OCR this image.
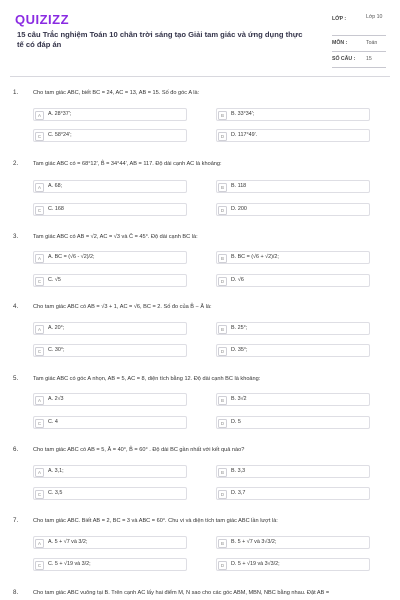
QUIZIZZ
15 câu Trắc nghiệm Toán 10 chân trời sáng tạo Giải tam giác và ứng dụng thực tế có đáp án
LỚP :	Lớp 10
MÔN :	Toán
SỐ CÂU : 15
1.	Cho tam giác ABC, biết BC = 24, AC = 13, AB = 15. Số đo góc A là:
A	A. 28°37';	B	B. 33°34';
C	C. 58°24';	D	D. 117°49'.
2.	Tam giác ABC có = 68°12', B̂ = 34°44', AB = 117. Độ dài cạnh AC là khoảng:
A	A. 68;	B	B. 118
C	C. 168	D	D. 200
3.	Tam giác ABC có AB = √2, AC = √3 và Ĉ = 45°. Độ dài cạnh BC là:
A	A. BC = (√6 - √2)/2;	B	B. BC = (√6 + √2)/2;
C	C. √5	D	D. √6
4.	Cho tam giác ABC có AB = √3 + 1, AC = √6, BC = 2. Số đo của B̂ − Â là:
A	A. 20°;	B	B. 25°;
C	C. 30°;	D	D. 35°;
5.	Tam giác ABC có góc A nhọn, AB = 5, AC = 8, diện tích bằng 12. Độ dài cạnh BC là khoảng:
A	A. 2√3	B	B. 3√2
C	C. 4	D	D. 5
6.	Cho tam giác ABC có AB = 5, Â = 40°, B̂ = 60° . Độ dài BC gần nhất với kết quả nào?
A	A. 3,1;	B	B. 3,3
C	C. 3,5	D	D. 3,7
7.	Cho tam giác ABC. Biết AB = 2, BC = 3 và ABC = 60°. Chu vi và diện tích tam giác ABC lần lượt là:
A	A. 5 + √7 và 3/2;	B	B. 5 + √7 và 3√3/2;
C	C. 5 + √19 và 3/2;	D	D. 5 + √19 và 3√3/2;
8.	Cho tam giác ABC vuông tại B. Trên cạnh AC lấy hai điểm M, N sao cho các góc ABM, MBN, NBC bằng nhau. Đặt AB =
